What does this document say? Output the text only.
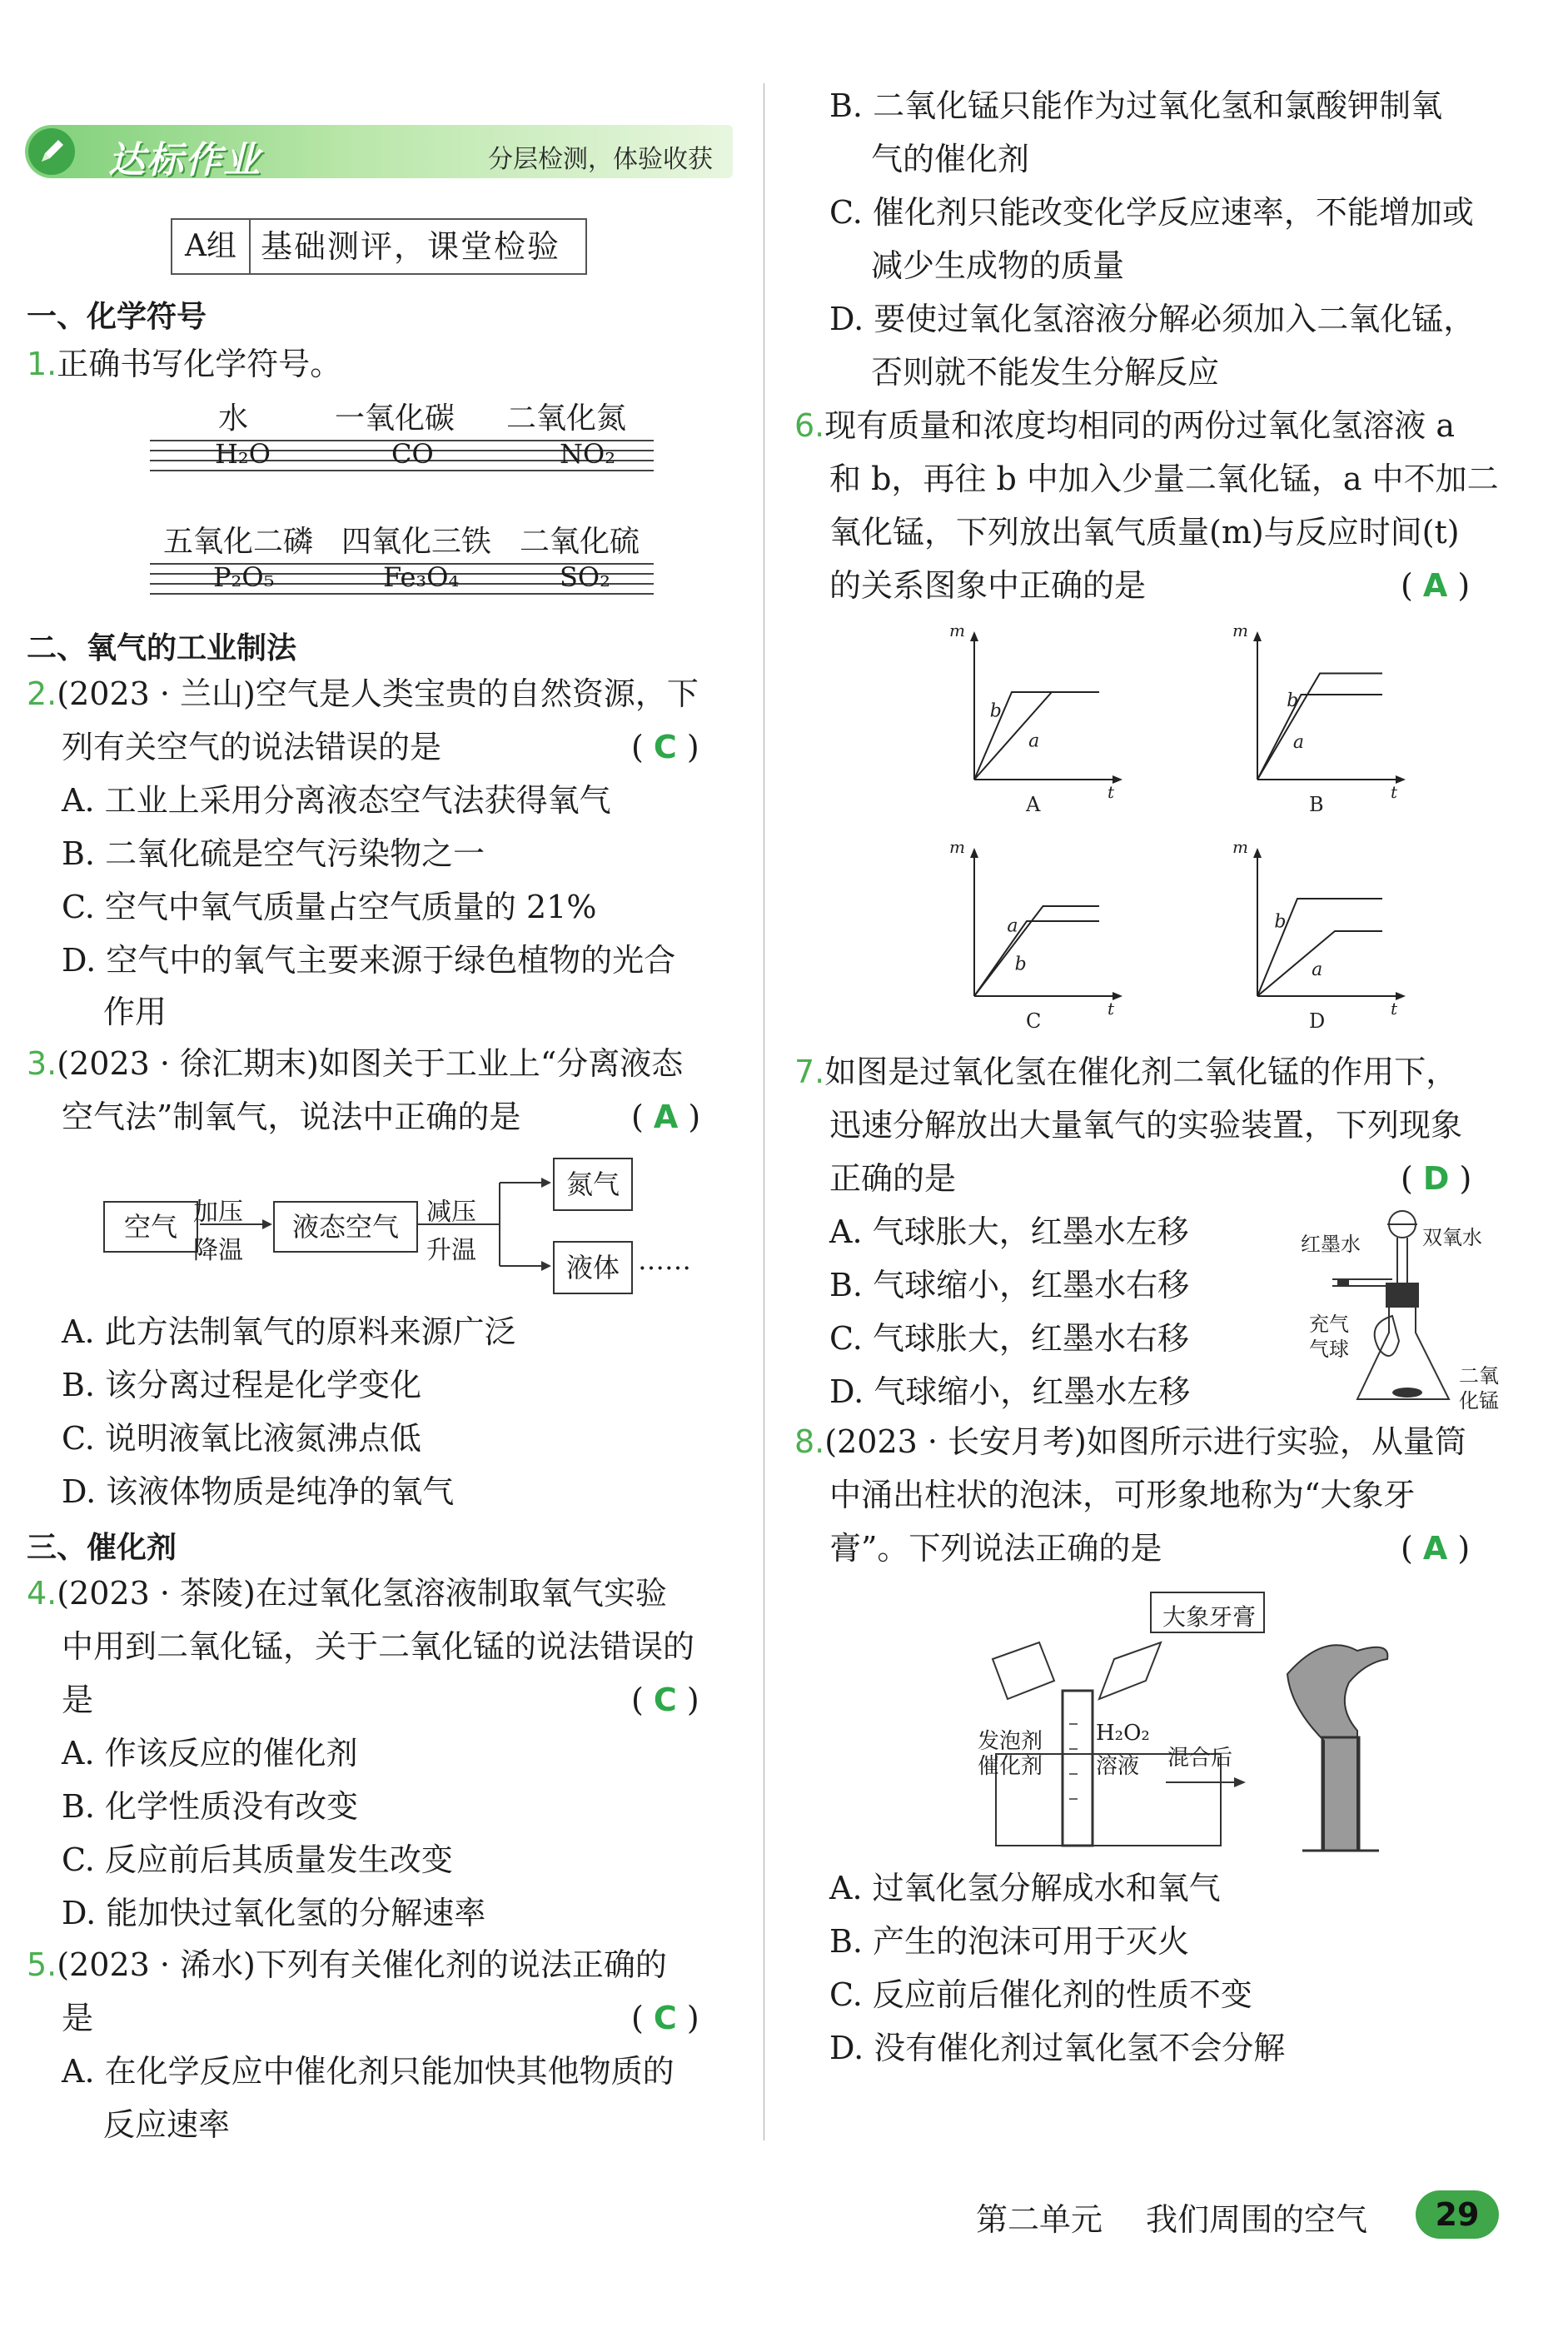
达标作业	分层检测，体验收获
A组 基础测评，课堂检验
一、化学符号
1.正确书写化学符号。
水	一氧化碳 二氧化氮
H₂O	CO	NO₂
五氧化二磷 四氧化三铁 二氧化硫
P₂O₅	Fe₃O₄	SO₂
二、氧气的工业制法
2.(2023 · 兰山)空气是人类宝贵的自然资源，下
列有关空气的说法错误的是	( C )
A. 工业上采用分离液态空气法获得氧气
B. 二氧化硫是空气污染物之一
C. 空气中氧气质量占空气质量的 21%
D. 空气中的氧气主要来源于绿色植物的光合
作用
3.(2023 · 徐汇期末)如图关于工业上“分离液态
空气法”制氧气，说法中正确的是	( A )
空气 加压
降温
液态空气	减压
升温
氮气
液体 ……
A. 此方法制氧气的原料来源广泛
B. 该分离过程是化学变化
C. 说明液氧比液氮沸点低
D. 该液体物质是纯净的氧气
三、催化剂
4.(2023 · 茶陵)在过氧化氢溶液制取氧气实验
中用到二氧化锰，关于二氧化锰的说法错误的
是	( C )
A. 作该反应的催化剂
B. 化学性质没有改变
C. 反应前后其质量发生改变
D. 能加快过氧化氢的分解速率
5.(2023 · 浠水)下列有关催化剂的说法正确的
是	( C )
A. 在化学反应中催化剂只能加快其他物质的
反应速率
B. 二氧化锰只能作为过氧化氢和氯酸钾制氧
气的催化剂
C. 催化剂只能改变化学反应速率，不能增加或
减少生成物的质量
D. 要使过氧化氢溶液分解必须加入二氧化锰，
否则就不能发生分解反应
6.现有质量和浓度均相同的两份过氧化氢溶液 a
和 b，再往 b 中加入少量二氧化锰，a 中不加二
氧化锰，下列放出氧气质量(m)与反应时间(t)
的关系图象中正确的是	( A )
m
t
A
b
a
m
t
B
b
a
m
t
C
a
b
m
t
D
b
a
7.如图是过氧化氢在催化剂二氧化锰的作用下，
迅速分解放出大量氧气的实验装置，下列现象
正确的是	( D )
A. 气球胀大，红墨水左移
B. 气球缩小，红墨水右移
C. 气球胀大，红墨水右移
D. 气球缩小，红墨水左移
红墨水	双氧水
充气
气球
二氧
化锰
8.(2023 · 长安月考)如图所示进行实验，从量筒
中涌出柱状的泡沫，可形象地称为“大象牙
膏”。下列说法正确的是	( A )
大象牙膏
发泡剂
催化剂
H₂O₂
溶液 混合后
A. 过氧化氢分解成水和氧气
B. 产生的泡沫可用于灭火
C. 反应前后催化剂的性质不变
D. 没有催化剂过氧化氢不会分解
第二单元 我们周围的空气	29
